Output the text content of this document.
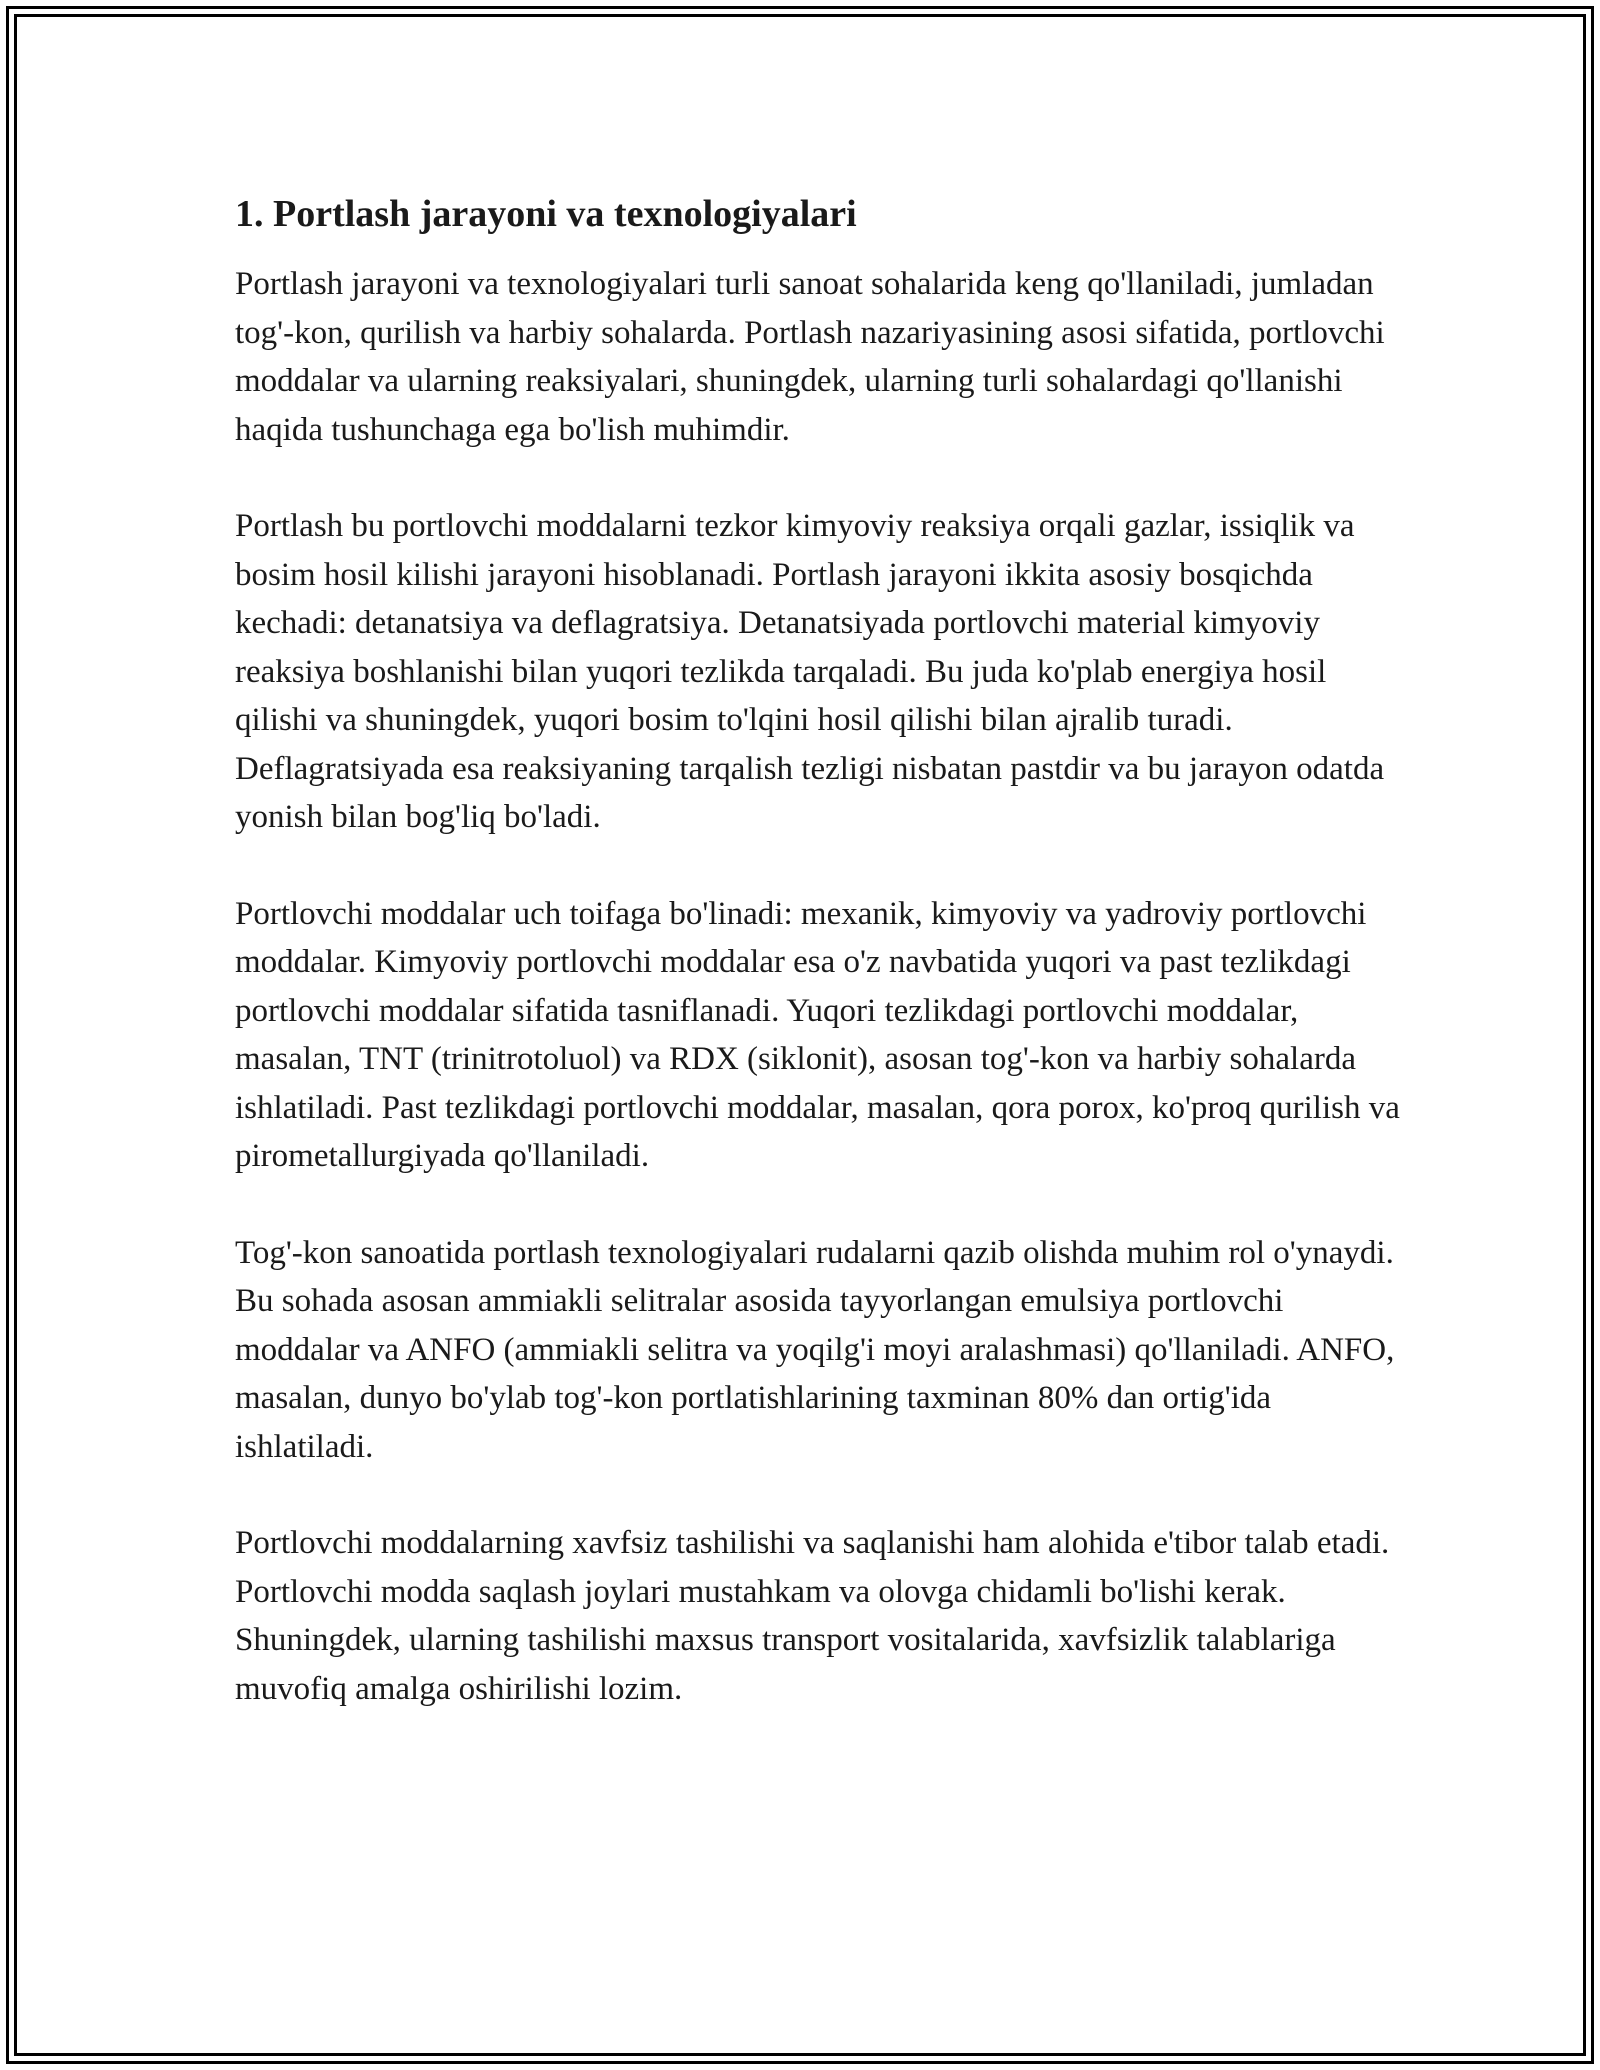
1. Portlash jarayoni va texnologiyalari

Portlash jarayoni va texnologiyalari turli sanoat sohalarida keng qo'llaniladi, jumladan tog'-kon, qurilish va harbiy sohalarda. Portlash nazariyasining asosi sifatida, portlovchi moddalar va ularning reaksiyalari, shuningdek, ularning turli sohalardagi qo'llanishi haqida tushunchaga ega bo'lish muhimdir.

Portlash bu portlovchi moddalarni tezkor kimyoviy reaksiya orqali gazlar, issiqlik va bosim hosil kilishi jarayoni hisoblanadi. Portlash jarayoni ikkita asosiy bosqichda kechadi: detanatsiya va deflagratsiya. Detanatsiyada portlovchi material kimyoviy reaksiya boshlanishi bilan yuqori tezlikda tarqaladi. Bu juda ko'plab energiya hosil qilishi va shuningdek, yuqori bosim to'lqini hosil qilishi bilan ajralib turadi. Deflagratsiyada esa reaksiyaning tarqalish tezligi nisbatan pastdir va bu jarayon odatda yonish bilan bog'liq bo'ladi.

Portlovchi moddalar uch toifaga bo'linadi: mexanik, kimyoviy va yadroviy portlovchi moddalar. Kimyoviy portlovchi moddalar esa o'z navbatida yuqori va past tezlikdagi portlovchi moddalar sifatida tasniflanadi. Yuqori tezlikdagi portlovchi moddalar, masalan, TNT (trinitrotoluol) va RDX (siklonit), asosan tog'-kon va harbiy sohalarda ishlatiladi. Past tezlikdagi portlovchi moddalar, masalan, qora porox, ko'proq qurilish va pirometallurgiyada qo'llaniladi.

Tog'-kon sanoatida portlash texnologiyalari rudalarni qazib olishda muhim rol o'ynaydi. Bu sohada asosan ammiakli selitralar asosida tayyorlangan emulsiya portlovchi moddalar va ANFO (ammiakli selitra va yoqilg'i moyi aralashmasi) qo'llaniladi. ANFO, masalan, dunyo bo'ylab tog'-kon portlatishlarining taxminan 80% dan ortig'ida ishlatiladi.

Portlovchi moddalarning xavfsiz tashilishi va saqlanishi ham alohida e'tibor talab etadi. Portlovchi modda saqlash joylari mustahkam va olovga chidamli bo'lishi kerak. Shuningdek, ularning tashilishi maxsus transport vositalarida, xavfsizlik talablariga muvofiq amalga oshirilishi lozim.
